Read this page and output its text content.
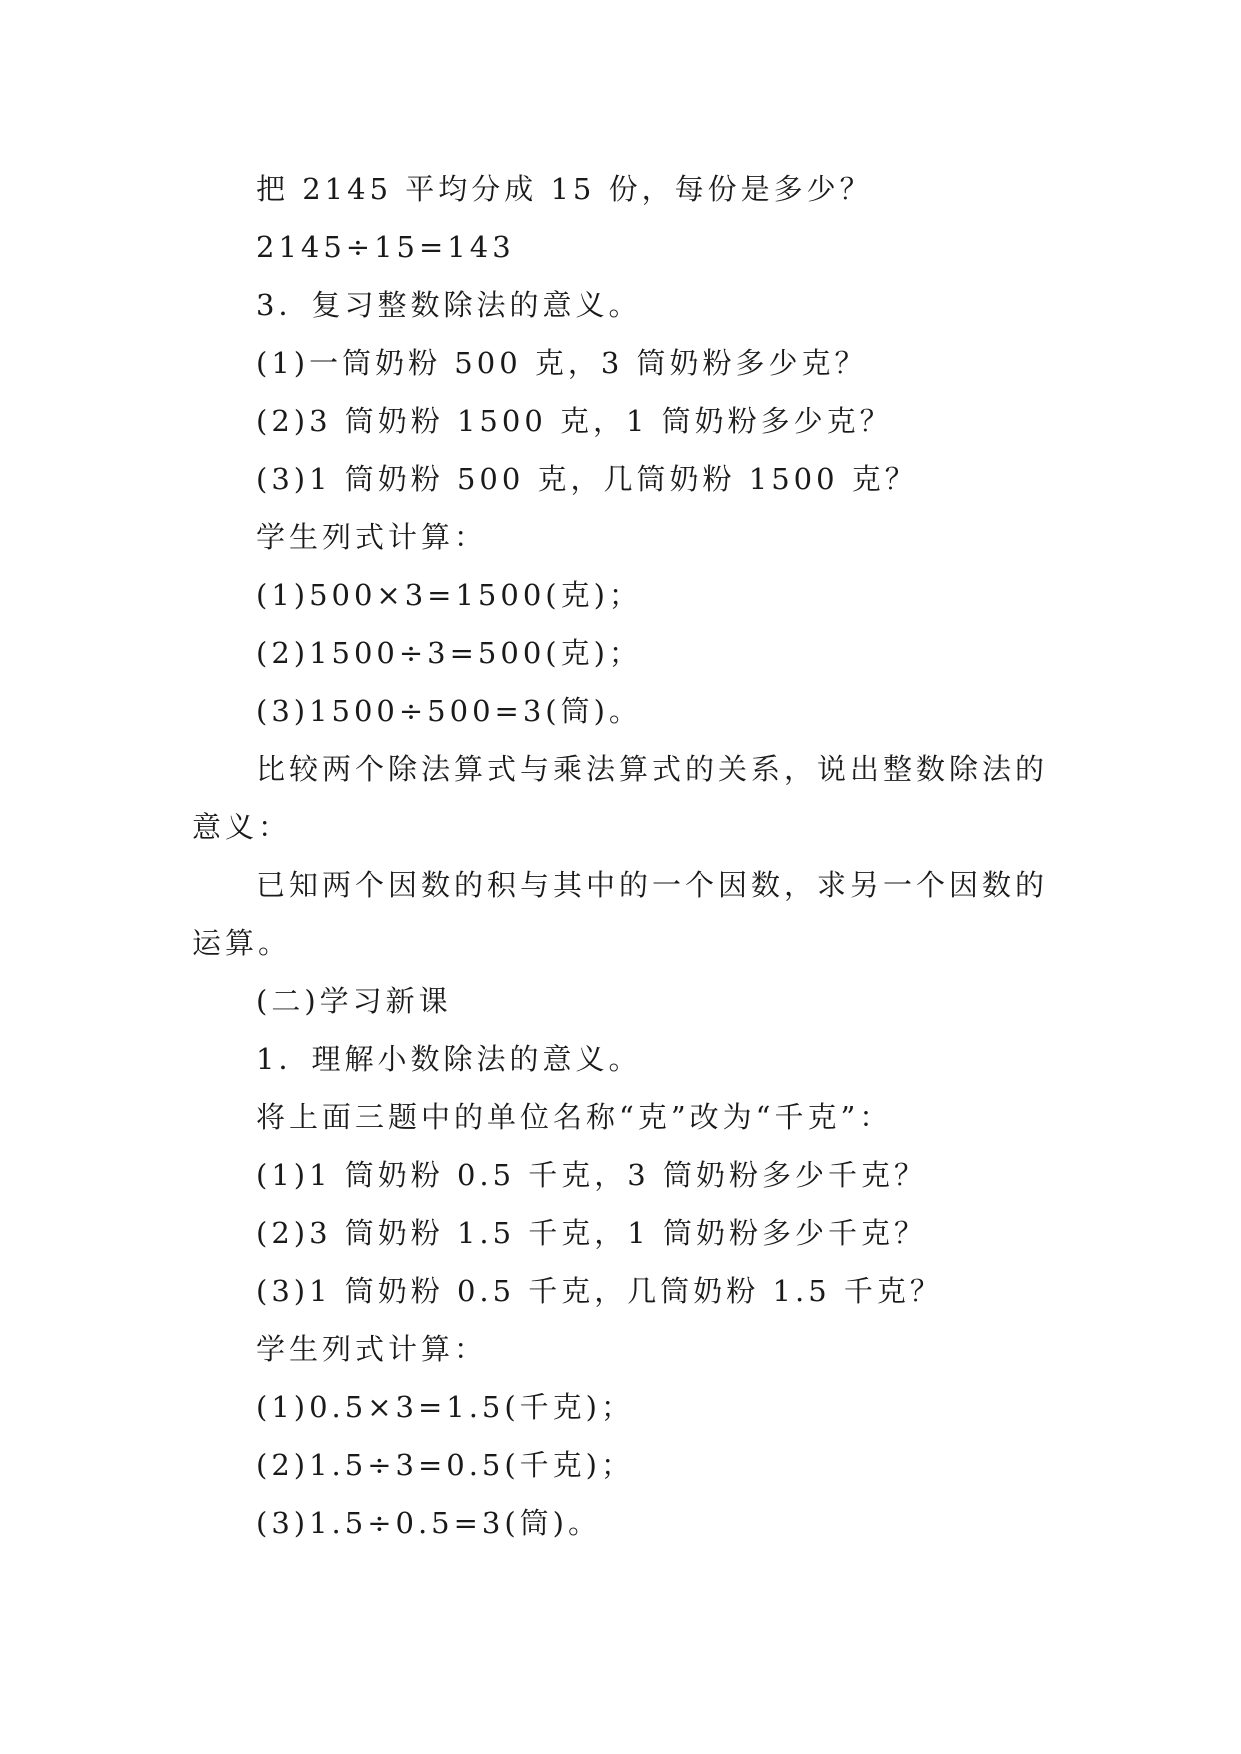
把 2145 平均分成 15 份，每份是多少？

2145÷15=143

3．复习整数除法的意义。

(1)一筒奶粉 500 克，3 筒奶粉多少克？

(2)3 筒奶粉 1500 克，1 筒奶粉多少克？

(3)1 筒奶粉 500 克，几筒奶粉 1500 克？

学生列式计算：

(1)500×3=1500(克)；

(2)1500÷3=500(克)；

(3)1500÷500=3(筒)。

比较两个除法算式与乘法算式的关系，说出整数除法的意义：

已知两个因数的积与其中的一个因数，求另一个因数的运算。

(二)学习新课

1．理解小数除法的意义。

将上面三题中的单位名称“克”改为“千克”：

(1)1 筒奶粉 0.5 千克，3 筒奶粉多少千克？

(2)3 筒奶粉 1.5 千克，1 筒奶粉多少千克？

(3)1 筒奶粉 0.5 千克，几筒奶粉 1.5 千克？

学生列式计算：

(1)0.5×3=1.5(千克)；

(2)1.5÷3=0.5(千克)；

(3)1.5÷0.5=3(筒)。
